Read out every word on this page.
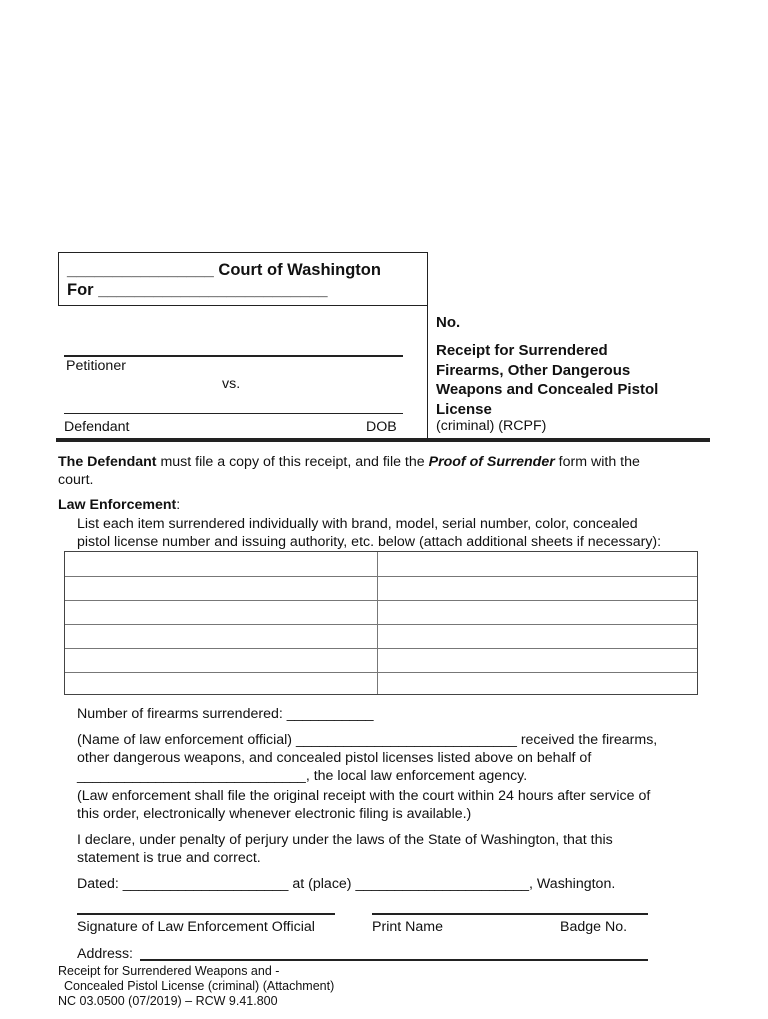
________________ Court of Washington
For _________________________
Petitioner
vs.
Defendant	DOB
No.
Receipt for Surrendered
Firearms, Other Dangerous
Weapons and Concealed Pistol
License
(criminal) (RCPF)
The Defendant must file a copy of this receipt, and file the Proof of Surrender form with the
court.
Law Enforcement:
List each item surrendered individually with brand, model, serial number, color, concealed
pistol license number and issuing authority, etc. below (attach additional sheets if necessary):
Number of firearms surrendered: ___________
(Name of law enforcement official) ____________________________ received the firearms,
other dangerous weapons, and concealed pistol licenses listed above on behalf of
_____________________________, the local law enforcement agency.
(Law enforcement shall file the original receipt with the court within 24 hours after service of
this order, electronically whenever electronic filing is available.)
I declare, under penalty of perjury under the laws of the State of Washington, that this
statement is true and correct.
Dated: _____________________ at (place) ______________________, Washington.
Signature of Law Enforcement Official	Print Name	Badge No.
Address:
Receipt for Surrendered Weapons and -
Concealed Pistol License (criminal) (Attachment)
NC 03.0500 (07/2019) – RCW 9.41.800
